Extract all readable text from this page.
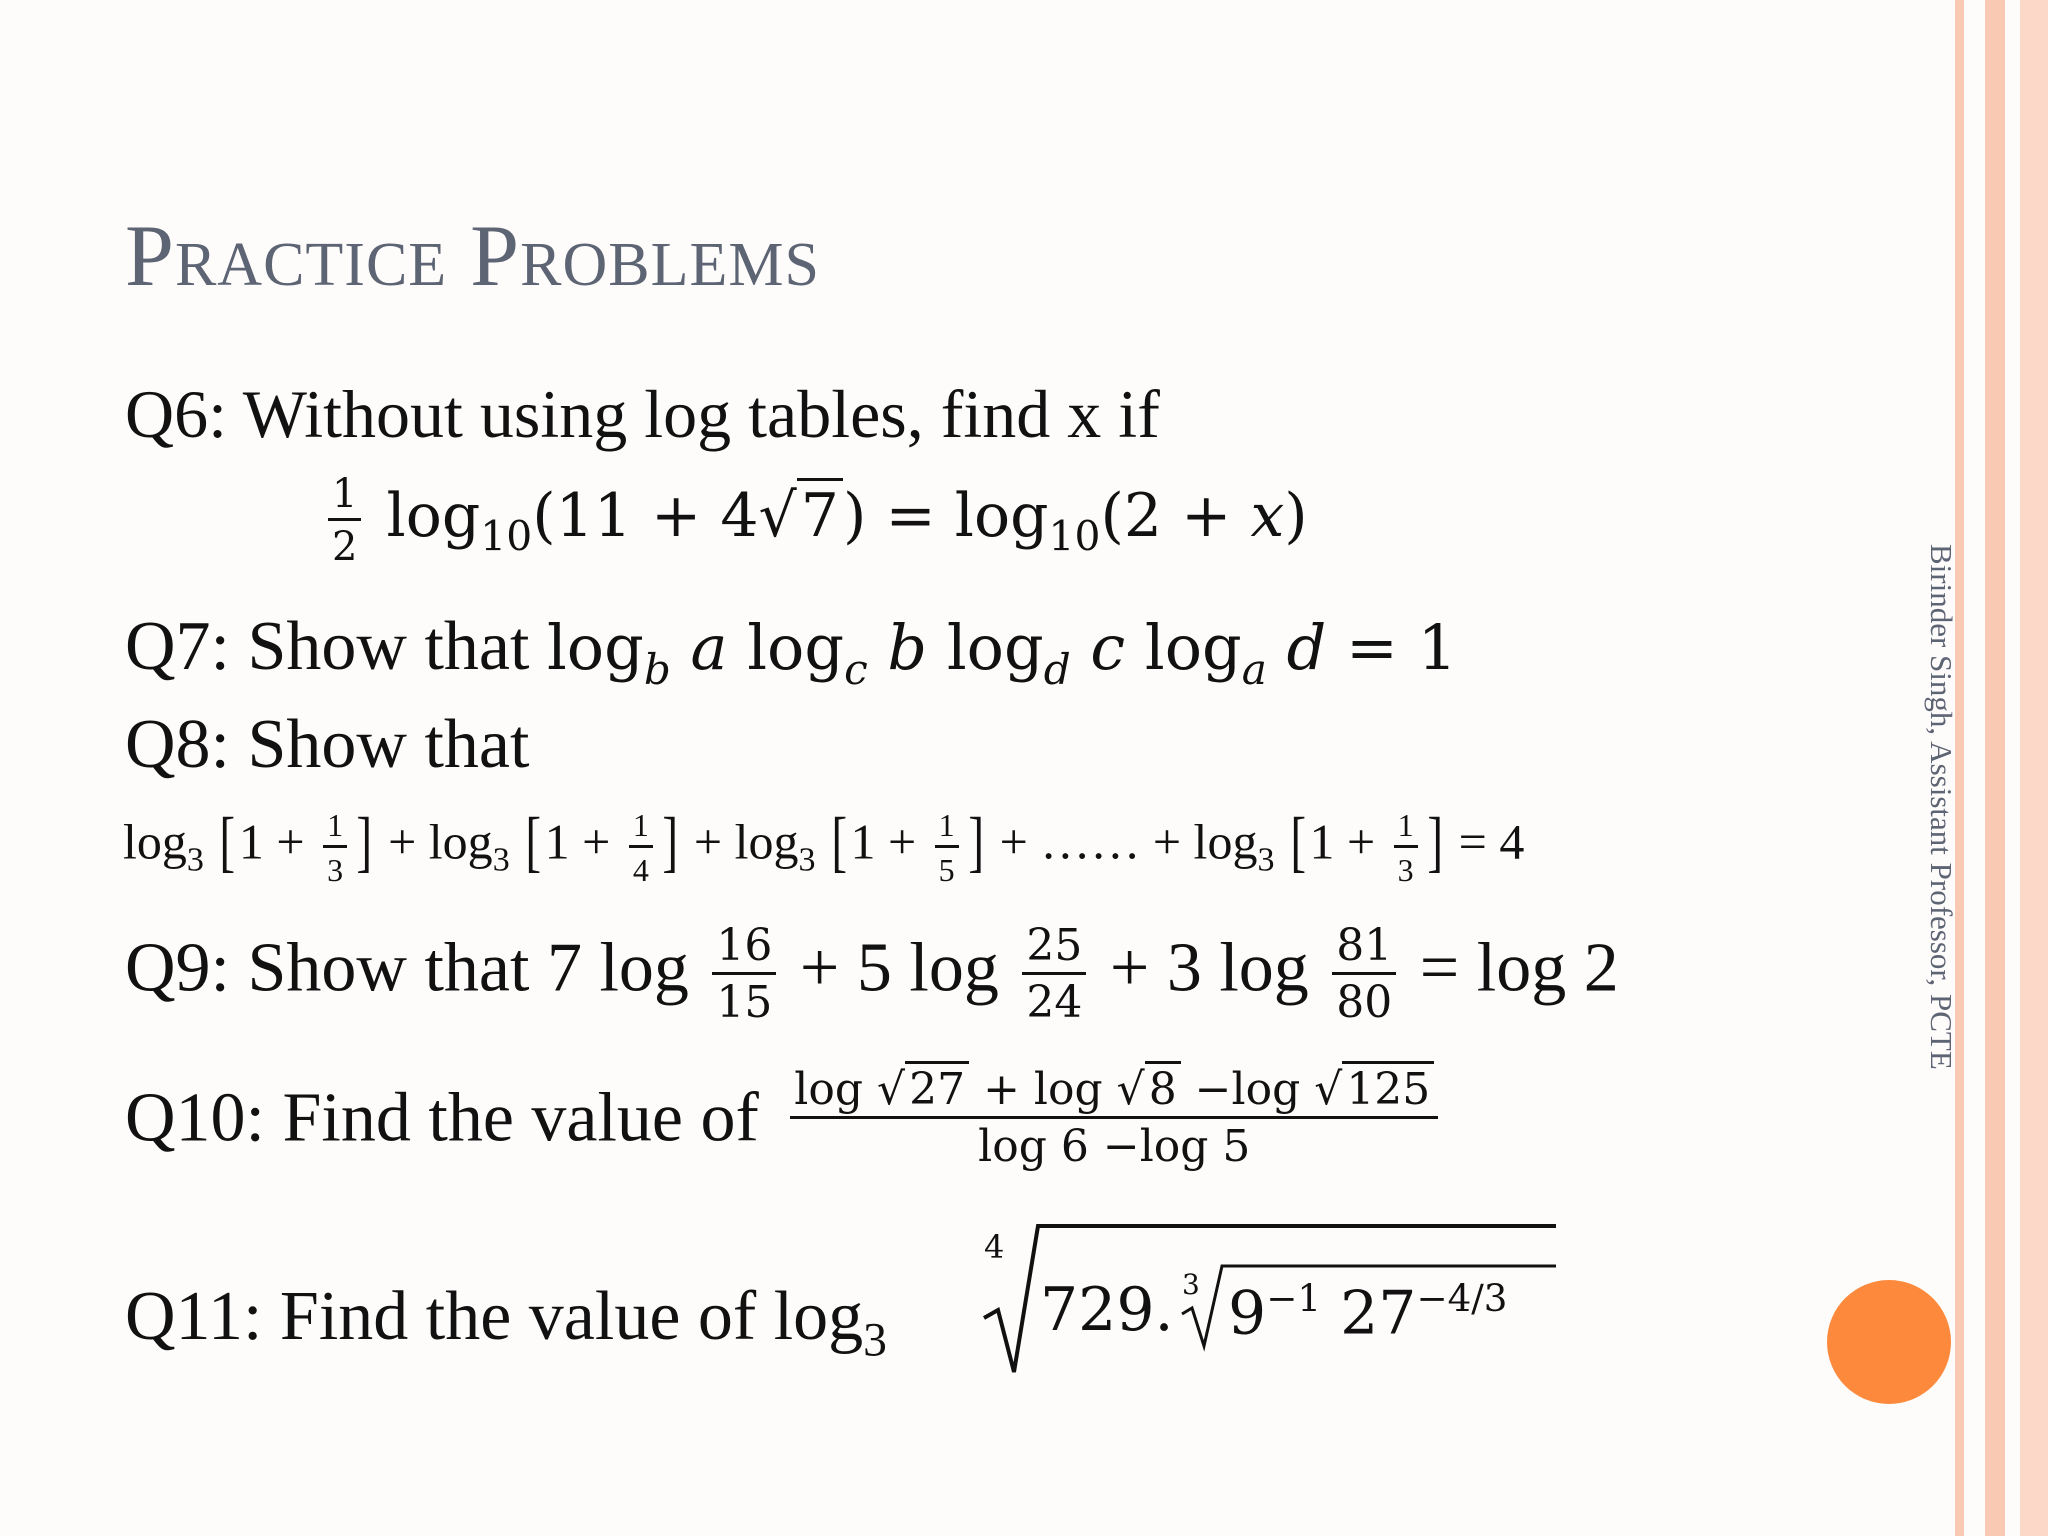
Practice Problems
Q6: Without using log tables, find x if
$\frac{1}{2} \log_{10}(11 + 4√7) = \log_{10}(2 + x)$
Q7: Show that $\log_b a$ $\log_c b$ $\log_d c$ $\log_a d = 1$
Q8: Show that
$\log_3 [1 + \frac{1}{3}$ ] + $\log_3 [1 + \frac{1}{4}$ ] + $\log_3 [1 + \frac{1}{5}$ ] + …… + $\log_3 [1 + \frac{1}{3}$ ] = 4
Q9: Show that 7 $\log \frac{16}{15} + 5$ $\log \frac{25}{24} + 3$ $\log \frac{81}{80} = \log 2$
Q10: Find the value of $\frac{\log √27 + \log √8 -\log √125}{\log 6 -\log 5}$
Q11: Find the value of $\log_3$
4
729. 3 $9^{-1}$ $27^{-4/3}$
Birinder Singh, Assistant Professor, PCTE
